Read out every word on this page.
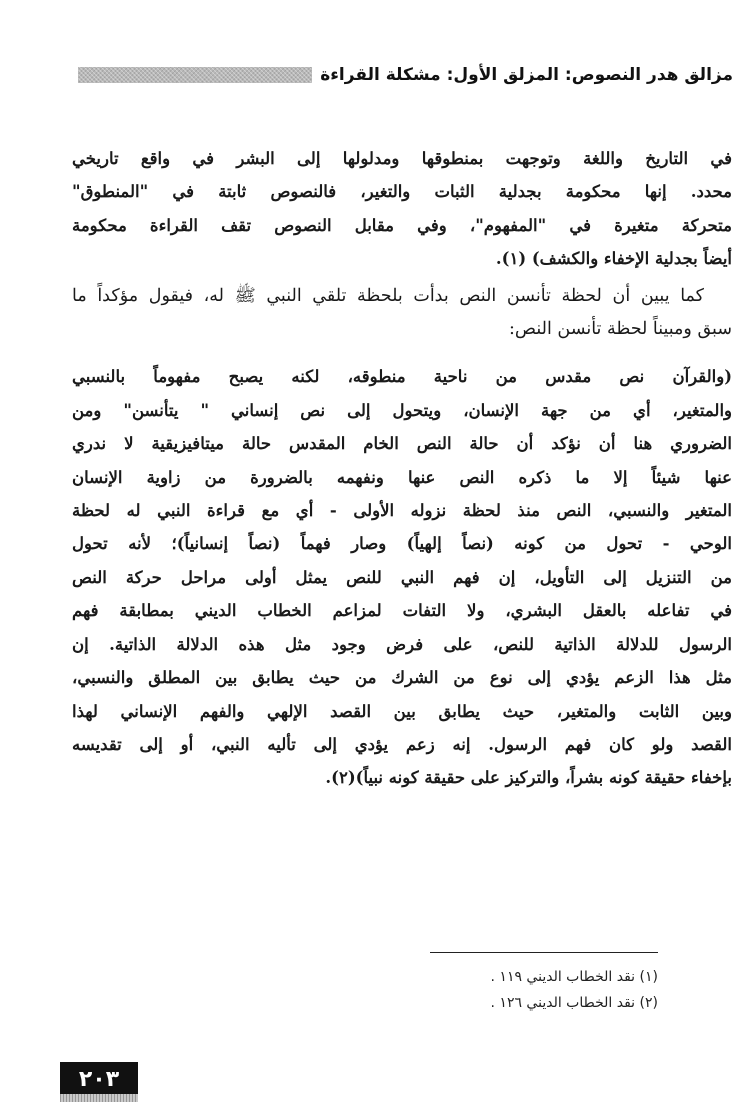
مزالق هدر النصوص: المزلق الأول: مشكلة القراءة
في التاريخ واللغة وتوجهت بمنطوقها ومدلولها إلى البشر في واقع تاريخي
محدد. إنها محكومة بجدلية الثبات والتغير، فالنصوص ثابتة في "المنطوق"
متحركة متغيرة في "المفهوم"، وفي مقابل النصوص تقف القراءة محكومة
أيضاً بجدلية الإخفاء والكشف) (١).
كما يبين أن لحظة تأنسن النص بدأت بلحظة تلقي النبي ﷺ له، فيقول مؤكداً ما
سبق ومبيناً لحظة تأنسن النص:
(والقرآن نص مقدس من ناحية منطوقه، لكنه يصبح مفهوماً بالنسبي
والمتغير، أي من جهة الإنسان، ويتحول إلى نص إنساني " يتأنسن" ومن
الضروري هنا أن نؤكد أن حالة النص الخام المقدس حالة ميتافيزيقية لا ندري
عنها شيئاً إلا ما ذكره النص عنها ونفهمه بالضرورة من زاوية الإنسان
المتغير والنسبي، النص منذ لحظة نزوله الأولى - أي مع قراءة النبي له لحظة
الوحي - تحول من كونه (نصاً إلهياً) وصار فهماً (نصاً إنسانياً)؛ لأنه تحول
من التنزيل إلى التأويل، إن فهم النبي للنص يمثل أولى مراحل حركة النص
في تفاعله بالعقل البشري، ولا التفات لمزاعم الخطاب الديني بمطابقة فهم
الرسول للدلالة الذاتية للنص، على فرض وجود مثل هذه الدلالة الذاتية. إن
مثل هذا الزعم يؤدي إلى نوع من الشرك من حيث يطابق بين المطلق والنسبي،
وبين الثابت والمتغير، حيث يطابق بين القصد الإلهي والفهم الإنساني لهذا
القصد ولو كان فهم الرسول. إنه زعم يؤدي إلى تأليه النبي، أو إلى تقديسه
بإخفاء حقيقة كونه بشراً، والتركيز على حقيقة كونه نبياً)(٢).
(١) نقد الخطاب الديني ١١٩ .
(٢) نقد الخطاب الديني ١٢٦ .
٢٠٣
